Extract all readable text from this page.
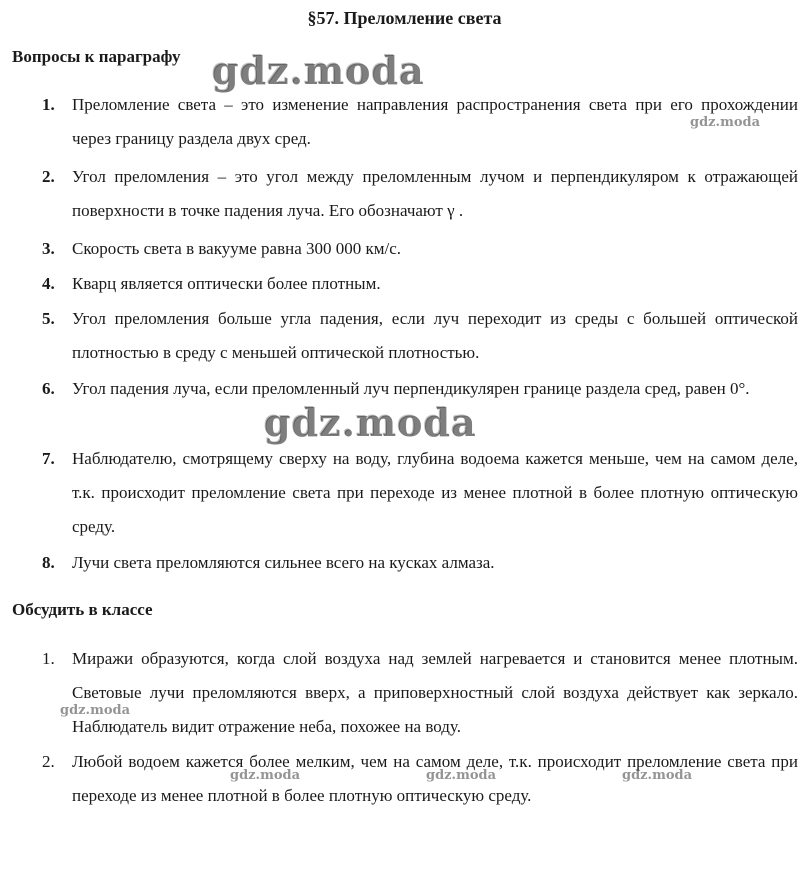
§57. Преломление света
Вопросы к параграфу
1.	Преломление света – это изменение направления распространения света при его прохождении через границу раздела двух сред.
2.	Угол преломления – это угол между преломленным лучом и перпендикуляром к отражающей поверхности в точке падения луча. Его обозначают γ .
3.	Скорость света в вакууме равна 300 000 км/с.
4.	Кварц является оптически более плотным.
5.	Угол преломления больше угла падения, если луч переходит из среды с большей оптической плотностью в среду с меньшей оптической плотностью.
6.	Угол падения луча, если преломленный луч перпендикулярен границе раздела сред, равен 0°.
7.	Наблюдателю, смотрящему сверху на воду, глубина водоема кажется меньше, чем на самом деле, т.к. происходит преломление света при переходе из менее плотной в более плотную оптическую среду.
8.	Лучи света преломляются сильнее всего на кусках алмаза.
Обсудить в классе
1.	Миражи образуются, когда слой воздуха над землей нагревается и становится менее плотным. Световые лучи преломляются вверх, а приповерхностный слой воздуха действует как зеркало. Наблюдатель видит отражение неба, похожее на воду.
2.	Любой водоем кажется более мелким, чем на самом деле, т.к. происходит преломление света при переходе из менее плотной в более плотную оптическую среду.
gdz.moda
gdz.moda
gdz.moda
gdz.moda
gdz.moda	gdz.moda	gdz.moda
